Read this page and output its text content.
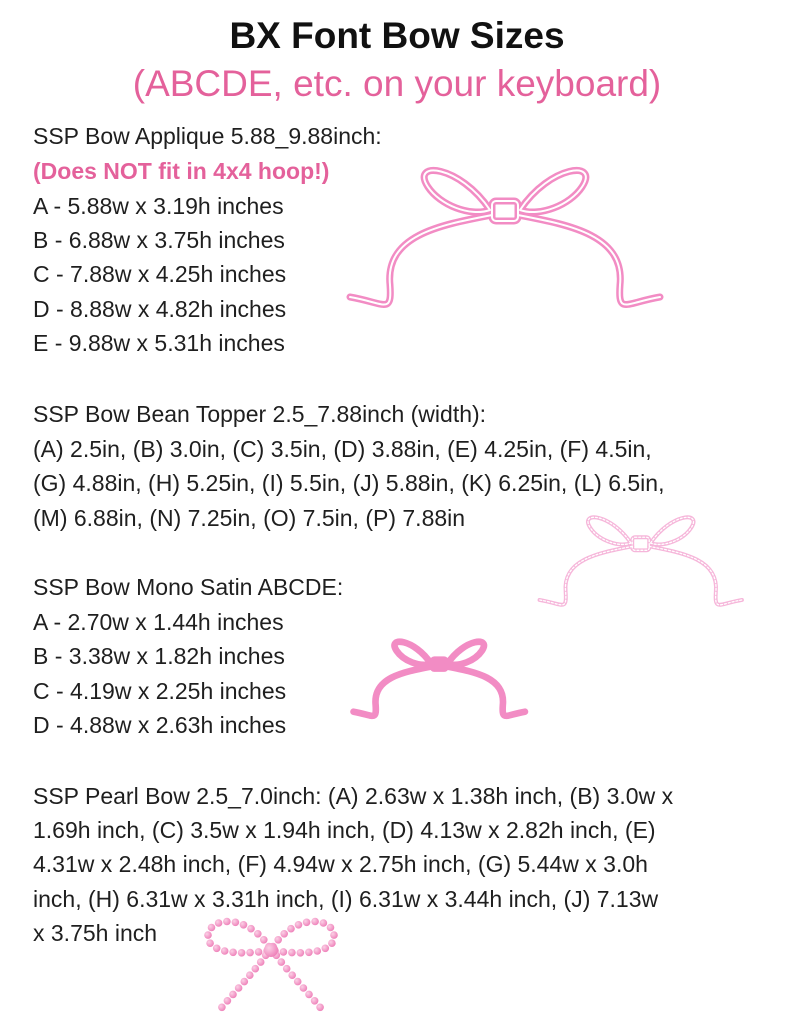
BX Font Bow Sizes
(ABCDE, etc. on your keyboard)
SSP Bow Applique 5.88_9.88inch:
(Does NOT fit in 4x4 hoop!)
A - 5.88w x 3.19h inches
B - 6.88w x 3.75h inches
C - 7.88w x 4.25h inches
D - 8.88w x 4.82h inches
E - 9.88w x 5.31h inches
SSP Bow Bean Topper 2.5_7.88inch (width):
(A) 2.5in, (B) 3.0in, (C) 3.5in, (D) 3.88in, (E) 4.25in, (F) 4.5in,
(G) 4.88in, (H) 5.25in, (I) 5.5in, (J) 5.88in, (K) 6.25in, (L) 6.5in,
(M) 6.88in, (N) 7.25in, (O) 7.5in, (P) 7.88in
SSP Bow Mono Satin ABCDE:
A - 2.70w x 1.44h inches
B - 3.38w x 1.82h inches
C - 4.19w x 2.25h inches
D - 4.88w x 2.63h inches
SSP Pearl Bow 2.5_7.0inch: (A) 2.63w x 1.38h inch, (B) 3.0w x
1.69h inch, (C) 3.5w x 1.94h inch, (D) 4.13w x 2.82h inch, (E)
4.31w x 2.48h inch, (F) 4.94w x 2.75h inch, (G) 5.44w x 3.0h
inch, (H) 6.31w x 3.31h inch, (I) 6.31w x 3.44h inch, (J) 7.13w
x 3.75h inch
